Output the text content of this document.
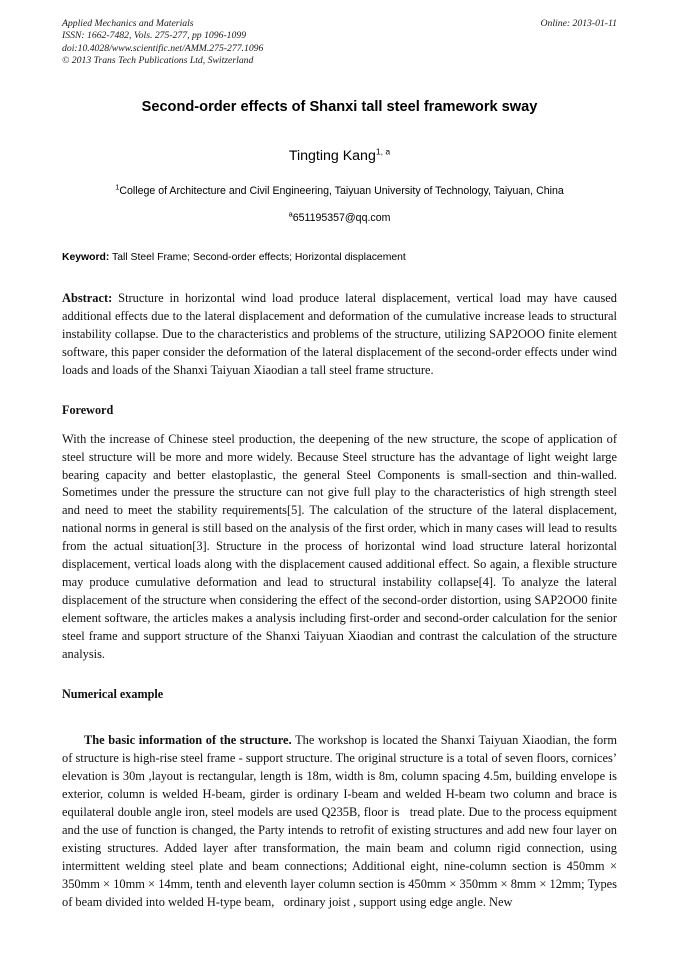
Applied Mechanics and Materials
ISSN: 1662-7482, Vols. 275-277, pp 1096-1099
doi:10.4028/www.scientific.net/AMM.275-277.1096
© 2013 Trans Tech Publications Ltd, Switzerland
Online: 2013-01-11
Second-order effects of Shanxi tall steel framework sway
Tingting Kang$^{1, a}$
$^1$College of Architecture and Civil Engineering, Taiyuan University of Technology, Taiyuan, China
$^a$651195357@qq.com
Keyword: Tall Steel Frame; Second-order effects; Horizontal displacement
Abstract: Structure in horizontal wind load produce lateral displacement, vertical load may have caused additional effects due to the lateral displacement and deformation of the cumulative increase leads to structural instability collapse. Due to the characteristics and problems of the structure, utilizing SAP2OOO finite element software, this paper consider the deformation of the lateral displacement of the second-order effects under wind loads and loads of the Shanxi Taiyuan Xiaodian a tall steel frame structure.
Foreword
With the increase of Chinese steel production, the deepening of the new structure, the scope of application of steel structure will be more and more widely. Because Steel structure has the advantage of light weight large bearing capacity and better elastoplastic, the general Steel Components is small-section and thin-walled. Sometimes under the pressure the structure can not give full play to the characteristics of high strength steel and need to meet the stability requirements[5]. The calculation of the structure of the lateral displacement, national norms in general is still based on the analysis of the first order, which in many cases will lead to results from the actual situation[3]. Structure in the process of horizontal wind load structure lateral horizontal displacement, vertical loads along with the displacement caused additional effect. So again, a flexible structure may produce cumulative deformation and lead to structural instability collapse[4]. To analyze the lateral displacement of the structure when considering the effect of the second-order distortion, using SAP2OO0 finite element software, the articles makes a analysis including first-order and second-order calculation for the senior steel frame and support structure of the Shanxi Taiyuan Xiaodian and contrast the calculation of the structure analysis.
Numerical example

The basic information of the structure. The workshop is located the Shanxi Taiyuan Xiaodian, the form of structure is high-rise steel frame - support structure. The original structure is a total of seven floors, cornices’ elevation is 30m ,layout is rectangular, length is 18m, width is 8m, column spacing 4.5m, building envelope is exterior, column is welded H-beam, girder is ordinary I-beam and welded H-beam two column and brace is equilateral double angle iron, steel models are used Q235B, floor is   tread plate. Due to the process equipment and the use of function is changed, the Party intends to retrofit of existing structures and add new four layer on existing structures. Added layer after transformation, the main beam and column rigid connection, using intermittent welding steel plate and beam connections; Additional eight, nine-column section is 450mm × 350mm × 10mm × 14mm, tenth and eleventh layer column section is 450mm × 350mm × 8mm × 12mm; Types of beam divided into welded H-type beam,   ordinary joist , support using edge angle. New
